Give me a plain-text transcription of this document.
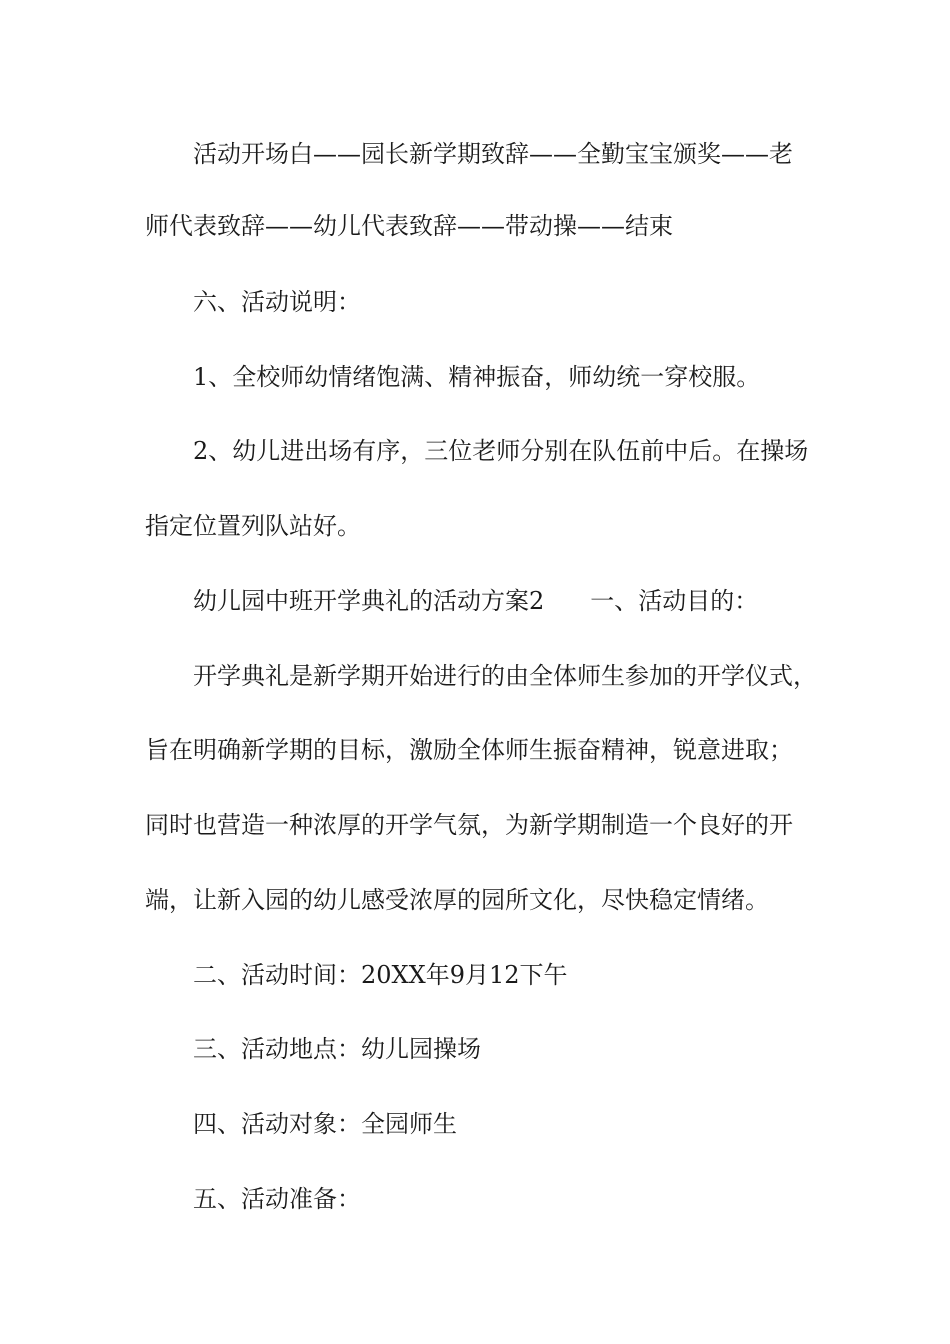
活动开场白——园长新学期致辞——全勤宝宝颁奖——老

师代表致辞——幼儿代表致辞——带动操——结束

六、活动说明：

1、全校师幼情绪饱满、精神振奋，师幼统一穿校服。

2、幼儿进出场有序，三位老师分别在队伍前中后。在操场

指定位置列队站好。

幼儿园中班开学典礼的活动方案2 一、活动目的：

开学典礼是新学期开始进行的由全体师生参加的开学仪式，

旨在明确新学期的目标，激励全体师生振奋精神，锐意进取；

同时也营造一种浓厚的开学气氛，为新学期制造一个良好的开

端，让新入园的幼儿感受浓厚的园所文化，尽快稳定情绪。

二、活动时间：20XX年9月12下午

三、活动地点：幼儿园操场

四、活动对象：全园师生

五、活动准备：
